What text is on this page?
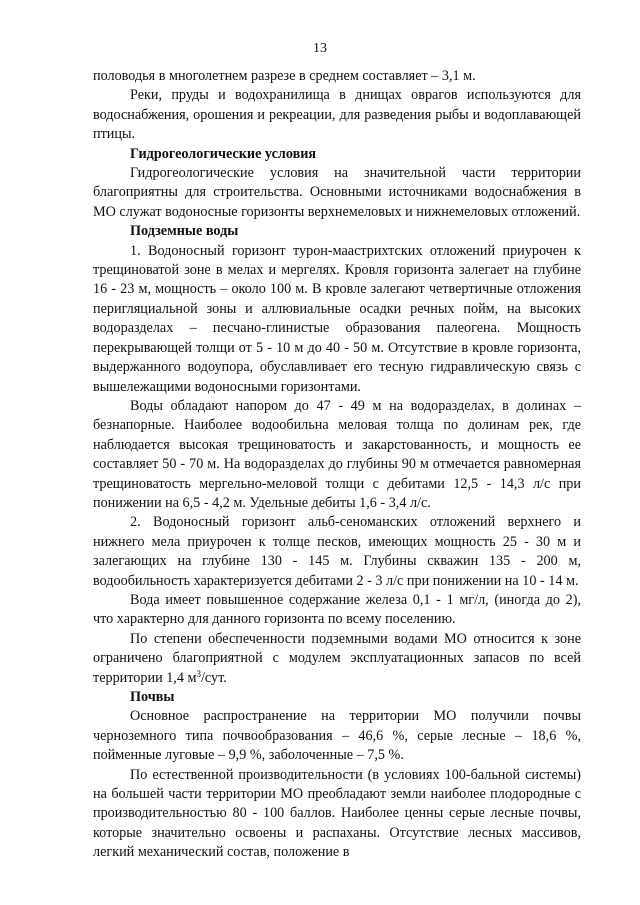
13

половодья в многолетнем разрезе в среднем составляет – 3,1 м.

Реки, пруды и водохранилища в днищах оврагов используются для водоснабжения, орошения и рекреации, для разведения рыбы и водоплавающей птицы.

Гидрогеологические условия

Гидрогеологические условия на значительной части территории благоприятны для строительства. Основными источниками водоснабжения в МО служат водоносные горизонты верхнемеловых и нижнемеловых отложений.

Подземные воды

1. Водоносный горизонт турон-маастрихтских отложений приурочен к трещиноватой зоне в мелах и мергелях. Кровля горизонта залегает на глубине 16 - 23 м, мощность – около 100 м. В кровле залегают четвертичные отложения перигляциальной зоны и аллювиальные осадки речных пойм, на высоких водоразделах – песчано-глинистые образования палеогена. Мощность перекрывающей толщи от 5 - 10 м до 40 - 50 м. Отсутствие в кровле горизонта, выдержанного водоупора, обуславливает его тесную гидравлическую связь с вышележащими водоносными горизонтами.

Воды обладают напором до 47 - 49 м на водоразделах, в долинах – безнапорные. Наиболее водообильна меловая толща по долинам рек, где наблюдается высокая трещиноватость и закарстованность, и мощность ее составляет 50 - 70 м. На водоразделах до глубины 90 м отмечается равномерная трещиноватость мергельно-меловой толщи с дебитами 12,5 - 14,3 л/с при понижении на 6,5 - 4,2 м. Удельные дебиты 1,6 - 3,4 л/с.

2. Водоносный горизонт альб-сеноманских отложений верхнего и нижнего мела приурочен к толще песков, имеющих мощность 25 - 30 м и залегающих на глубине 130 - 145 м. Глубины скважин 135 - 200 м, водообильность характеризуется дебитами 2 - 3 л/с при понижении на 10 - 14 м.

Вода имеет повышенное содержание железа 0,1 - 1 мг/л, (иногда до 2), что характерно для данного горизонта по всему поселению.

По степени обеспеченности подземными водами МО относится к зоне ограничено благоприятной с модулем эксплуатационных запасов по всей территории 1,4 $м^3$/сут.

Почвы

Основное распространение на территории МО получили почвы черноземного типа почвообразования – 46,6 %, серые лесные – 18,6 %, пойменные луговые – 9,9 %, заболоченные – 7,5 %.

По естественной производительности (в условиях 100-бальной системы) на большей части территории МО преобладают земли наиболее плодородные с производительностью 80 - 100 баллов. Наиболее ценны серые лесные почвы, которые значительно освоены и распаханы. Отсутствие лесных массивов, легкий механический состав, положение в
